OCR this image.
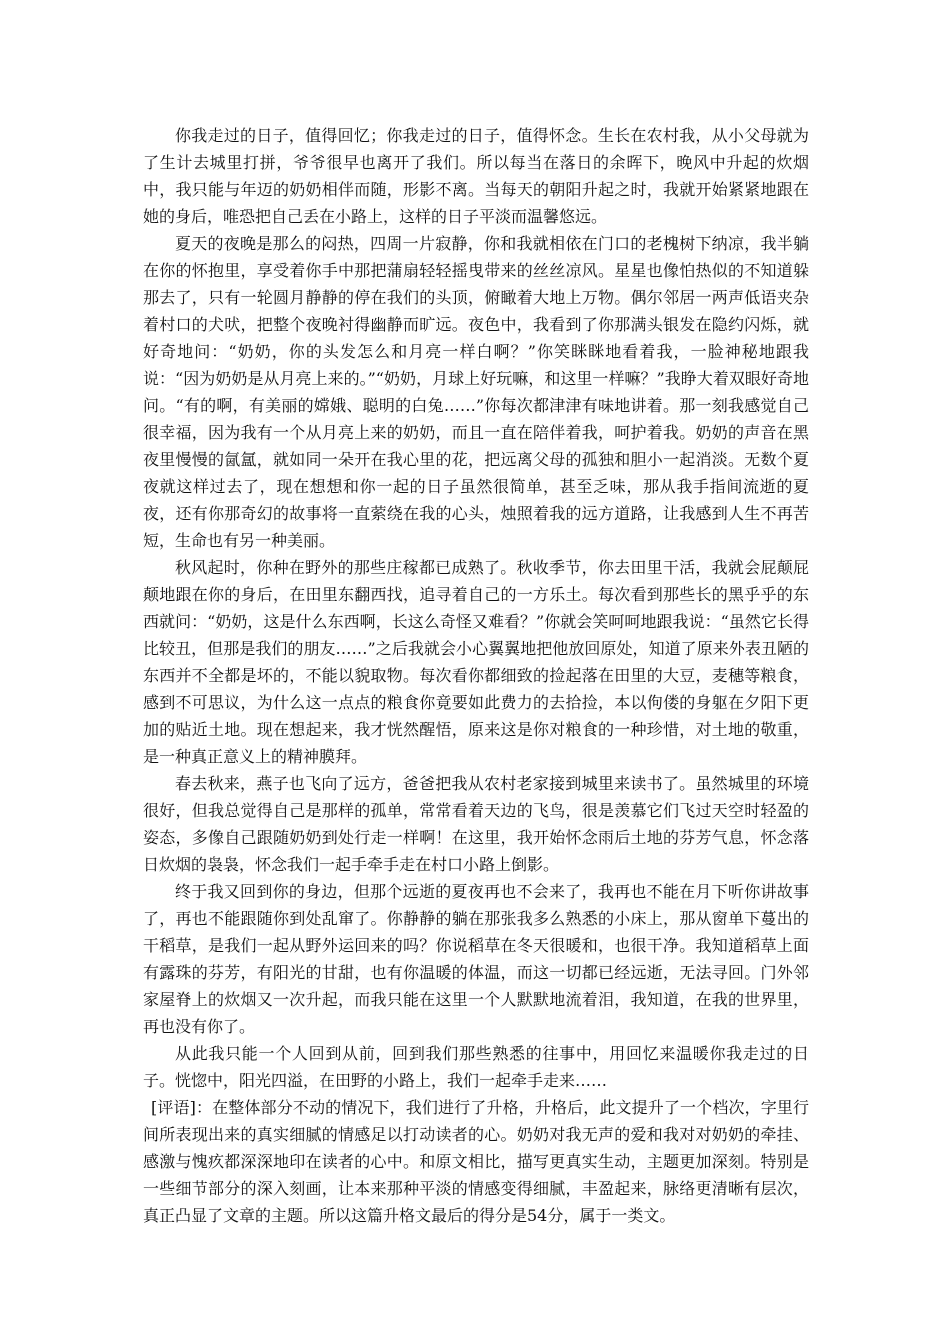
你我走过的日子，值得回忆；你我走过的日子，值得怀念。生长在农村我，从小父母就为了生计去城里打拼，爷爷很早也离开了我们。所以每当在落日的余晖下，晚风中升起的炊烟中，我只能与年迈的奶奶相伴而随，形影不离。当每天的朝阳升起之时，我就开始紧紧地跟在她的身后，唯恐把自己丢在小路上，这样的日子平淡而温馨悠远。

夏天的夜晚是那么的闷热，四周一片寂静，你和我就相依在门口的老槐树下纳凉，我半躺在你的怀抱里，享受着你手中那把蒲扇轻轻摇曳带来的丝丝凉风。星星也像怕热似的不知道躲那去了，只有一轮圆月静静的停在我们的头顶，俯瞰着大地上万物。偶尔邻居一两声低语夹杂着村口的犬吠，把整个夜晚衬得幽静而旷远。夜色中，我看到了你那满头银发在隐约闪烁，就好奇地问：“奶奶，你的头发怎么和月亮一样白啊？”你笑眯眯地看着我，一脸神秘地跟我说：“因为奶奶是从月亮上来的。”“奶奶，月球上好玩嘛，和这里一样嘛？”我睁大着双眼好奇地问。“有的啊，有美丽的嫦娥、聪明的白兔……”你每次都津津有味地讲着。那一刻我感觉自己很幸福，因为我有一个从月亮上来的奶奶，而且一直在陪伴着我，呵护着我。奶奶的声音在黑夜里慢慢的氤氲，就如同一朵开在我心里的花，把远离父母的孤独和胆小一起消淡。无数个夏夜就这样过去了，现在想想和你一起的日子虽然很简单，甚至乏味，那从我手指间流逝的夏夜，还有你那奇幻的故事将一直萦绕在我的心头，烛照着我的远方道路，让我感到人生不再苦短，生命也有另一种美丽。

秋风起时，你种在野外的那些庄稼都已成熟了。秋收季节，你去田里干活，我就会屁颠屁颠地跟在你的身后，在田里东翻西找，追寻着自己的一方乐土。每次看到那些长的黑乎乎的东西就问：“奶奶，这是什么东西啊，长这么奇怪又难看？”你就会笑呵呵地跟我说：“虽然它长得比较丑，但那是我们的朋友……”之后我就会小心翼翼地把他放回原处，知道了原来外表丑陋的东西并不全都是坏的，不能以貌取物。每次看你都细致的捡起落在田里的大豆，麦穗等粮食，感到不可思议，为什么这一点点的粮食你竟要如此费力的去拾捡，本以佝偻的身躯在夕阳下更加的贴近土地。现在想起来，我才恍然醒悟，原来这是你对粮食的一种珍惜，对土地的敬重，是一种真正意义上的精神膜拜。

春去秋来，燕子也飞向了远方，爸爸把我从农村老家接到城里来读书了。虽然城里的环境很好，但我总觉得自己是那样的孤单，常常看着天边的飞鸟，很是羡慕它们飞过天空时轻盈的姿态，多像自己跟随奶奶到处行走一样啊！在这里，我开始怀念雨后土地的芬芳气息，怀念落日炊烟的袅袅，怀念我们一起手牵手走在村口小路上倒影。

终于我又回到你的身边，但那个远逝的夏夜再也不会来了，我再也不能在月下听你讲故事了，再也不能跟随你到处乱窜了。你静静的躺在那张我多么熟悉的小床上，那从窗单下蔓出的干稻草，是我们一起从野外运回来的吗？你说稻草在冬天很暖和，也很干净。我知道稻草上面有露珠的芬芳，有阳光的甘甜，也有你温暖的体温，而这一切都已经远逝，无法寻回。门外邻家屋脊上的炊烟又一次升起，而我只能在这里一个人默默地流着泪，我知道，在我的世界里，再也没有你了。

从此我只能一个人回到从前，回到我们那些熟悉的往事中，用回忆来温暖你我走过的日子。恍惚中，阳光四溢，在田野的小路上，我们一起牵手走来……

[评语]：在整体部分不动的情况下，我们进行了升格，升格后，此文提升了一个档次，字里行间所表现出来的真实细腻的情感足以打动读者的心。奶奶对我无声的爱和我对对奶奶的牵挂、感激与愧疚都深深地印在读者的心中。和原文相比，描写更真实生动，主题更加深刻。特别是一些细节部分的深入刻画，让本来那种平淡的情感变得细腻，丰盈起来，脉络更清晰有层次，真正凸显了文章的主题。所以这篇升格文最后的得分是54分，属于一类文。
